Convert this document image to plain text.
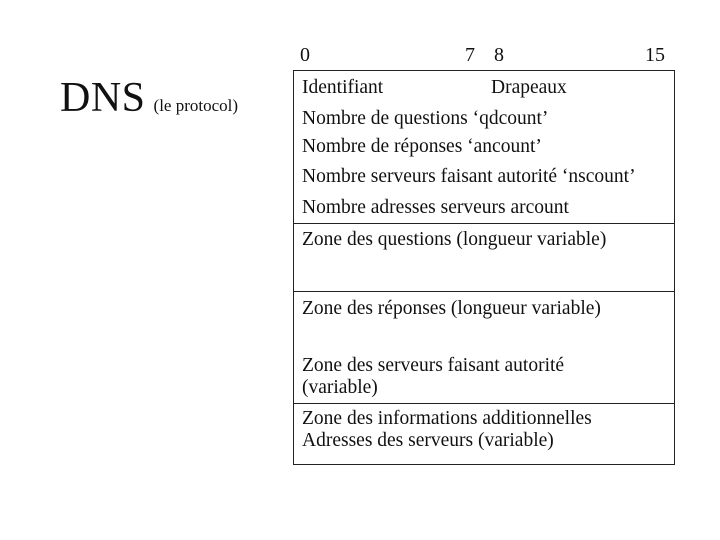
DNS (le protocol)
0	7 8	15
Identifiant	Drapeaux
Nombre de questions ‘qdcount’
Nombre de réponses ‘ancount’
Nombre serveurs faisant autorité ‘nscount’
Nombre adresses serveurs arcount
Zone des questions (longueur variable)
Zone des réponses (longueur variable)
Zone des serveurs faisant autorité
(variable)
Zone des informations additionnelles
Adresses des serveurs (variable)
